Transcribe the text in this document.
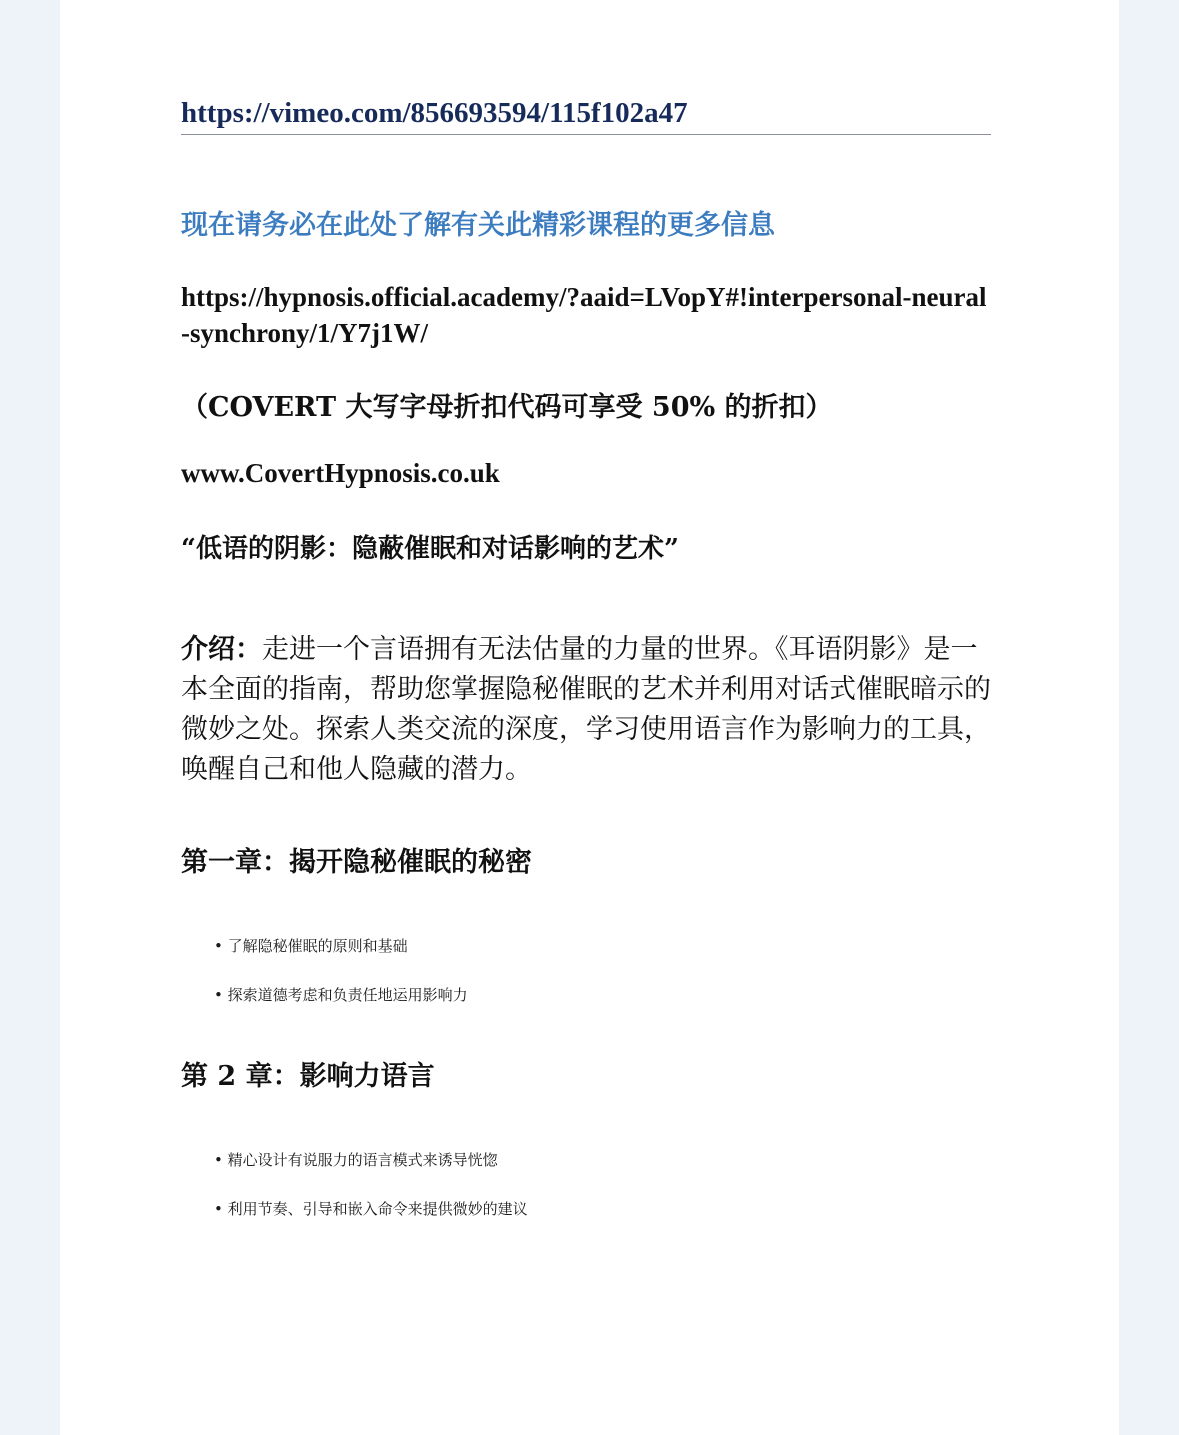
https://vimeo.com/856693594/115f102a47
现在请务必在此处了解有关此精彩课程的更多信息
https://hypnosis.official.academy/?aaid=LVopY#!interpersonal-neural-synchrony/1/Y7j1W/
（COVERT 大写字母折扣代码可享受 50% 的折扣）
www.CovertHypnosis.co.uk
“低语的阴影：隐蔽催眠和对话影响的艺术”
介绍：走进一个言语拥有无法估量的力量的世界。《耳语阴影》是一本全面的指南，帮助您掌握隐秘催眠的艺术并利用对话式催眠暗示的微妙之处。探索人类交流的深度，学习使用语言作为影响力的工具，唤醒自己和他人隐藏的潜力。
第一章：揭开隐秘催眠的秘密
• 了解隐秘催眠的原则和基础
• 探索道德考虑和负责任地运用影响力
第 2 章：影响力语言
• 精心设计有说服力的语言模式来诱导恍惚
• 利用节奏、引导和嵌入命令来提供微妙的建议
